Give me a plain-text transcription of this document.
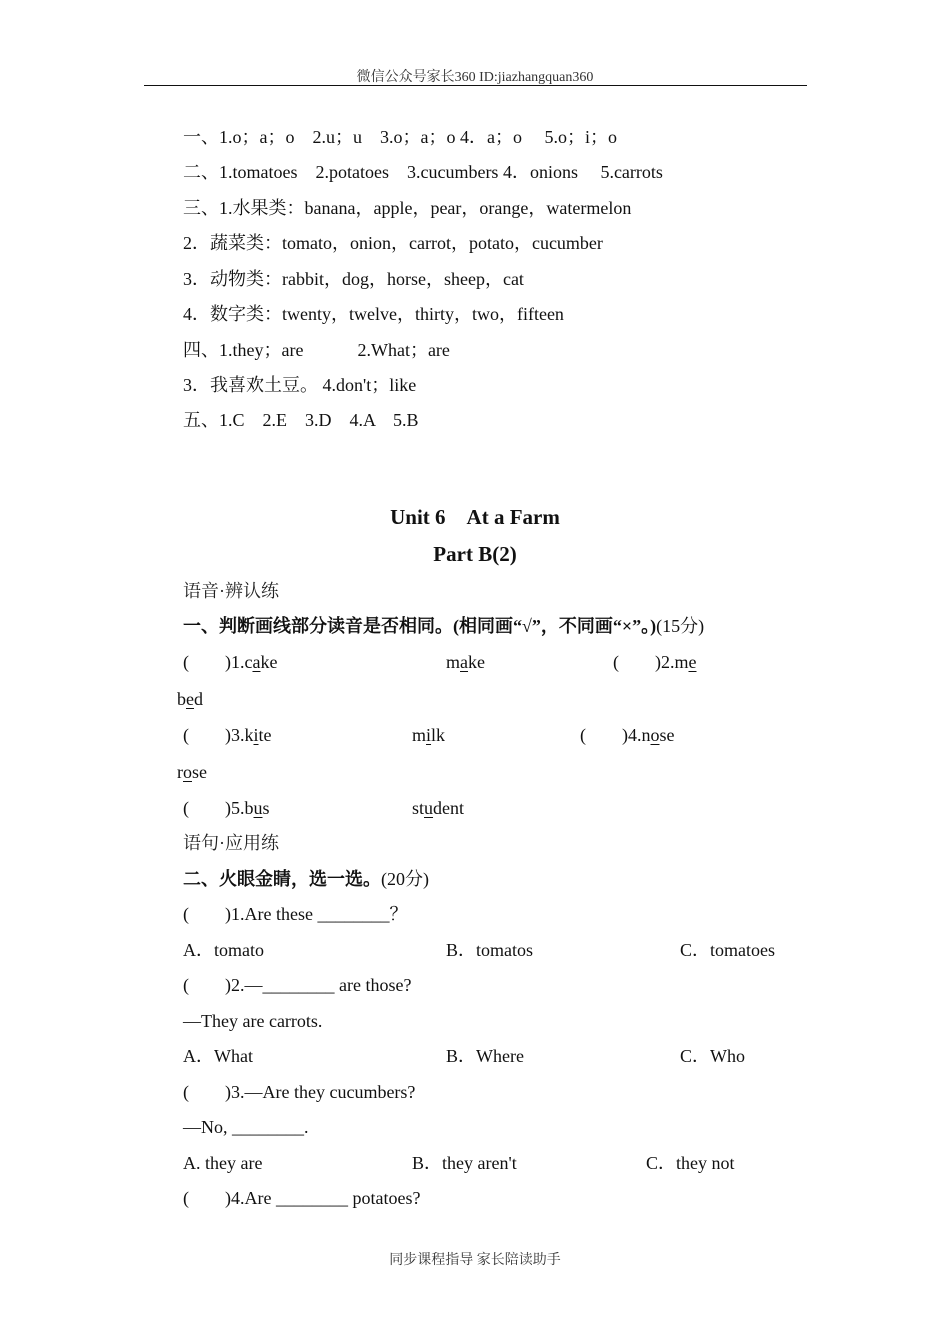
微信公众号家长360 ID:jiazhangquan360
一、1.o；a；o　2.u；u　3.o；a；o 4．a；o　 5.o；i；o
二、1.tomatoes　2.potatoes　3.cucumbers 4．onions　 5.carrots
三、1.水果类：banana，apple，pear，orange，watermelon
2．蔬菜类：tomato，onion，carrot，potato，cucumber
3．动物类：rabbit，dog，horse，sheep，cat
4．数字类：twenty，twelve，thirty，two，fifteen
四、1.they；are　　　2.What；are
3．我喜欢土豆。 4.don't；like
五、1.C　2.E　3.D　4.A　5.B
Unit 6　At a Farm
Part B(2)
语音·辨认练
一、判断画线部分读音是否相同。(相同画“√”，不同画“×”。)(15分)
(　　)1.cake	make	(　　)2.me
bed
(　　)3.kite	milk	(　　)4.nose
rose
(　　)5.bus	student
语句·应用练
二、火眼金睛，选一选。(20分)
(　　)1.Are these ________？
A．tomato	B．tomatos	C．tomatoes
(　　)2.—________ are those?
—They are carrots.
A．What	B．Where	C．Who
(　　)3.—Are they cucumbers?
—No, ________.
A. they are	B．they aren't	C．they not
(　　)4.Are ________ potatoes?
同步课程指导 家长陪读助手
